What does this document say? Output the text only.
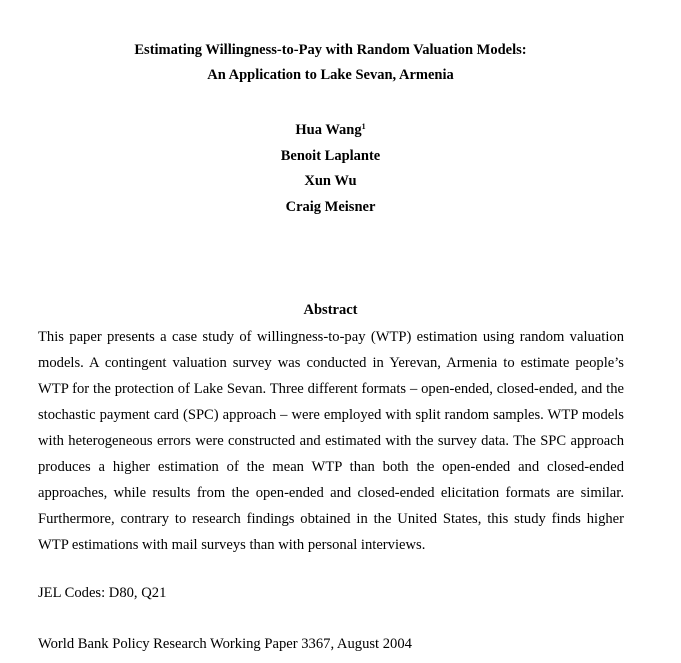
Estimating Willingness-to-Pay with Random Valuation Models:
An Application to Lake Sevan, Armenia
Hua Wang$^1$
Benoit Laplante
Xun Wu
Craig Meisner
Abstract

This paper presents a case study of willingness-to-pay (WTP) estimation using random valuation models. A contingent valuation survey was conducted in Yerevan, Armenia to estimate people’s WTP for the protection of Lake Sevan. Three different formats – open-ended, closed-ended, and the stochastic payment card (SPC) approach – were employed with split random samples. WTP models with heterogeneous errors were constructed and estimated with the survey data. The SPC approach produces a higher estimation of the mean WTP than both the open-ended and closed-ended approaches, while results from the open-ended and closed-ended elicitation formats are similar. Furthermore, contrary to research findings obtained in the United States, this study finds higher WTP estimations with mail surveys than with personal interviews.

JEL Codes: D80, Q21
World Bank Policy Research Working Paper 3367, August 2004
